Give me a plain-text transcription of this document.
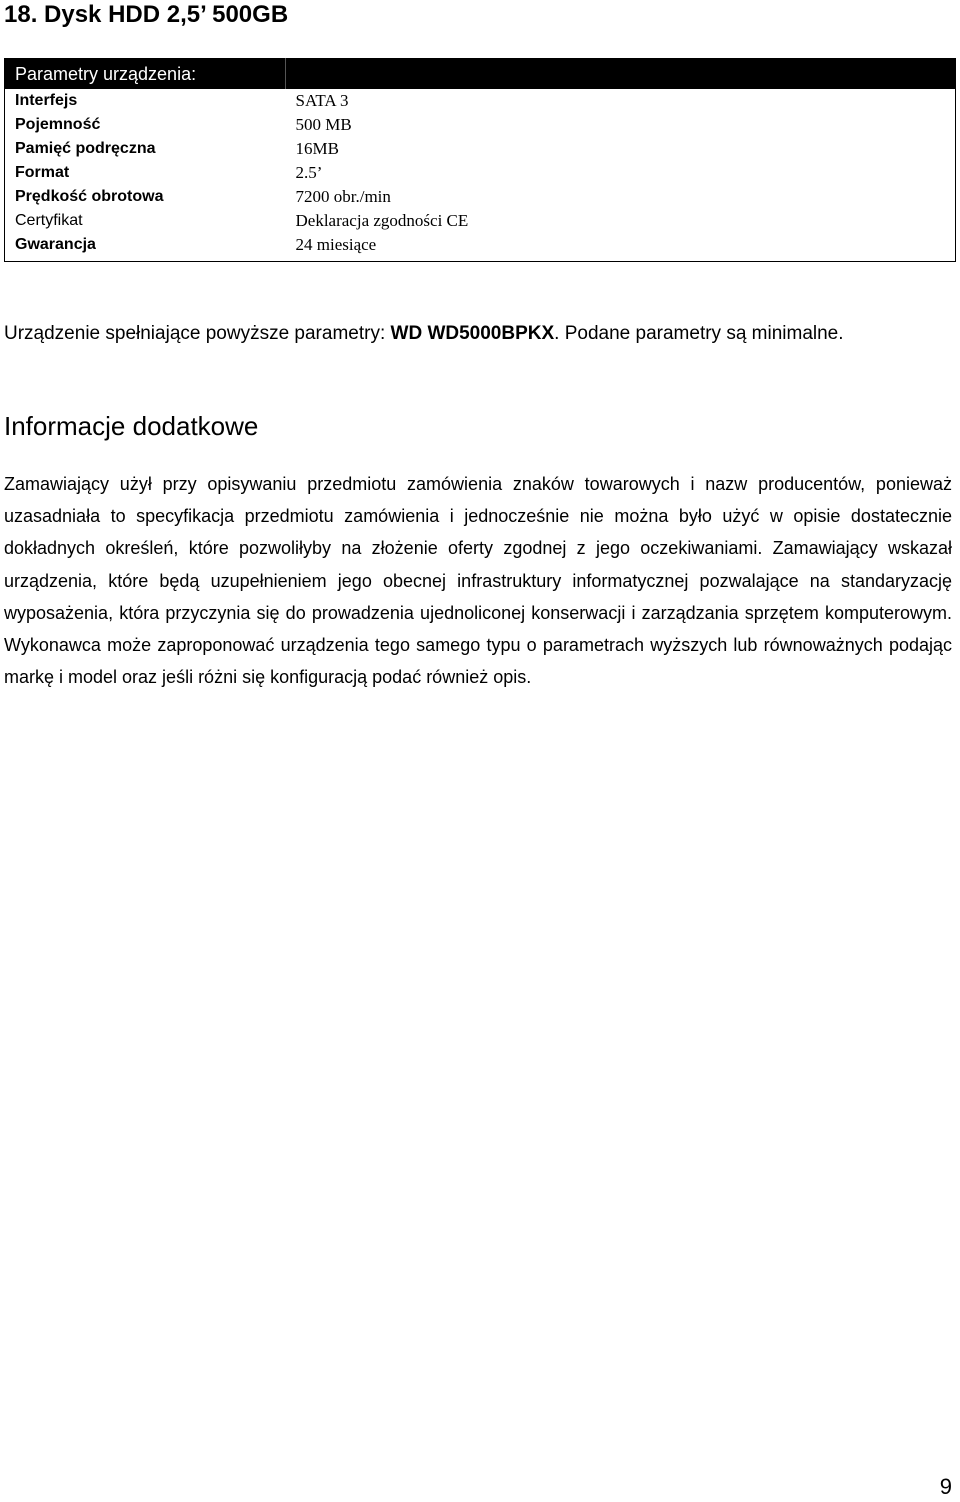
18. Dysk HDD 2,5’ 500GB
Parametry urządzenia:	
Interfejs	SATA 3
Pojemność	500 MB
Pamięć podręczna	16MB
Format	2.5’
Prędkość obrotowa	7200 obr./min
Certyfikat	Deklaracja zgodności CE
Gwarancja	24 miesiące
Urządzenie spełniające powyższe parametry: WD WD5000BPKX. Podane parametry są minimalne.
Informacje dodatkowe
Zamawiający użył przy opisywaniu przedmiotu zamówienia znaków towarowych i nazw producentów, ponieważ uzasadniała to specyfikacja przedmiotu zamówienia i jednocześnie nie można było użyć w opisie dostatecznie dokładnych określeń, które pozwoliłyby na złożenie oferty zgodnej z jego oczekiwaniami. Zamawiający wskazał urządzenia, które będą uzupełnieniem jego obecnej infrastruktury informatycznej pozwalające na standaryzację wyposażenia, która przyczynia się do prowadzenia ujednoliconej konserwacji i zarządzania sprzętem komputerowym. Wykonawca może zaproponować urządzenia tego samego typu o parametrach wyższych lub równoważnych podając markę i model oraz jeśli różni się konfiguracją podać również opis.
9
